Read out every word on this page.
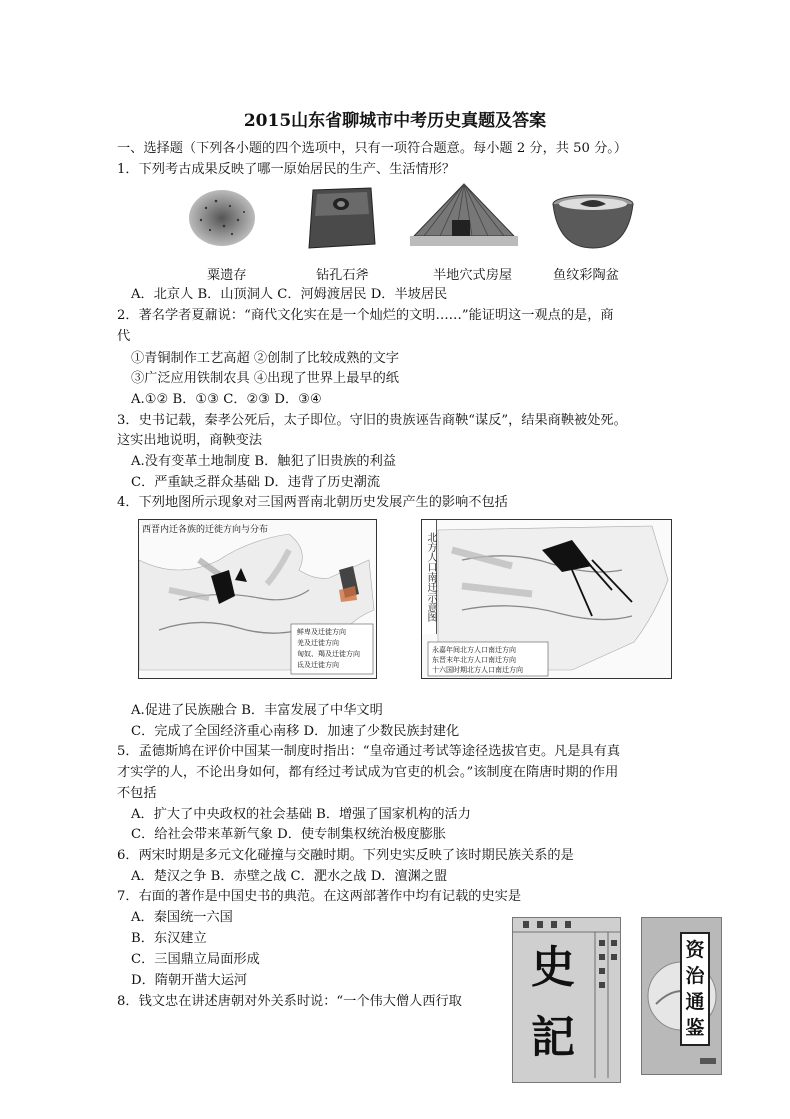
2015山东省聊城市中考历史真题及答案
一、选择题（下列各小题的四个选项中，只有一项符合题意。每小题 2 分，共 50 分。）
1．下列考古成果反映了哪一原始居民的生产、生活情形？
粟遗存	钻孔石斧	半地穴式房屋	鱼纹彩陶盆
A．北京人 B．山顶洞人 C．河姆渡居民 D．半坡居民
2．著名学者夏鼐说：“商代文化实在是一个灿烂的文明……”能证明这一观点的是，商
代
①青铜制作工艺高超 ②创制了比较成熟的文字
③广泛应用铁制农具 ④出现了世界上最早的纸
A.①② B．①③ C．②③ D．③④
3．史书记载，秦孝公死后，太子即位。守旧的贵族诬告商鞅“谋反”，结果商鞅被处死。
这实出地说明，商鞅变法
A.没有变革土地制度 B．触犯了旧贵族的利益
C．严重缺乏群众基础 D．违背了历史潮流
4．下列地图所示现象对三国两晋南北朝历史发展产生的影响不包括
西晋内迁各族的迁徙方向与分布
鲜卑及迁徙方向
羌及迁徙方向
匈奴、羯及迁徙方向
氐及迁徙方向
北方人口南迁示意图
永嘉年间北方人口南迁方向
东晋末年北方人口南迁方向
十六国时期北方人口南迁方向
A.促进了民族融合 B．丰富发展了中华文明
C．完成了全国经济重心南移 D．加速了少数民族封建化
5．孟德斯鸠在评价中国某一制度时指出：“皇帝通过考试等途径选拔官吏。凡是具有真
才实学的人，不论出身如何，都有经过考试成为官吏的机会。”该制度在隋唐时期的作用
不包括
A．扩大了中央政权的社会基础 B．增强了国家机构的活力
C．给社会带来革新气象 D．使专制集权统治极度膨胀
6．两宋时期是多元文化碰撞与交融时期。下列史实反映了该时期民族关系的是
A．楚汉之争 B．赤壁之战 C．淝水之战 D．澶渊之盟
7．右面的著作是中国史书的典范。在这两部著作中均有记载的史实是
A．秦国统一六国
B．东汉建立
C．三国鼎立局面形成
D．隋朝开凿大运河	史
記
资治通鉴
8．钱文忠在讲述唐朝对外关系时说：“一个伟大僧人西行取
